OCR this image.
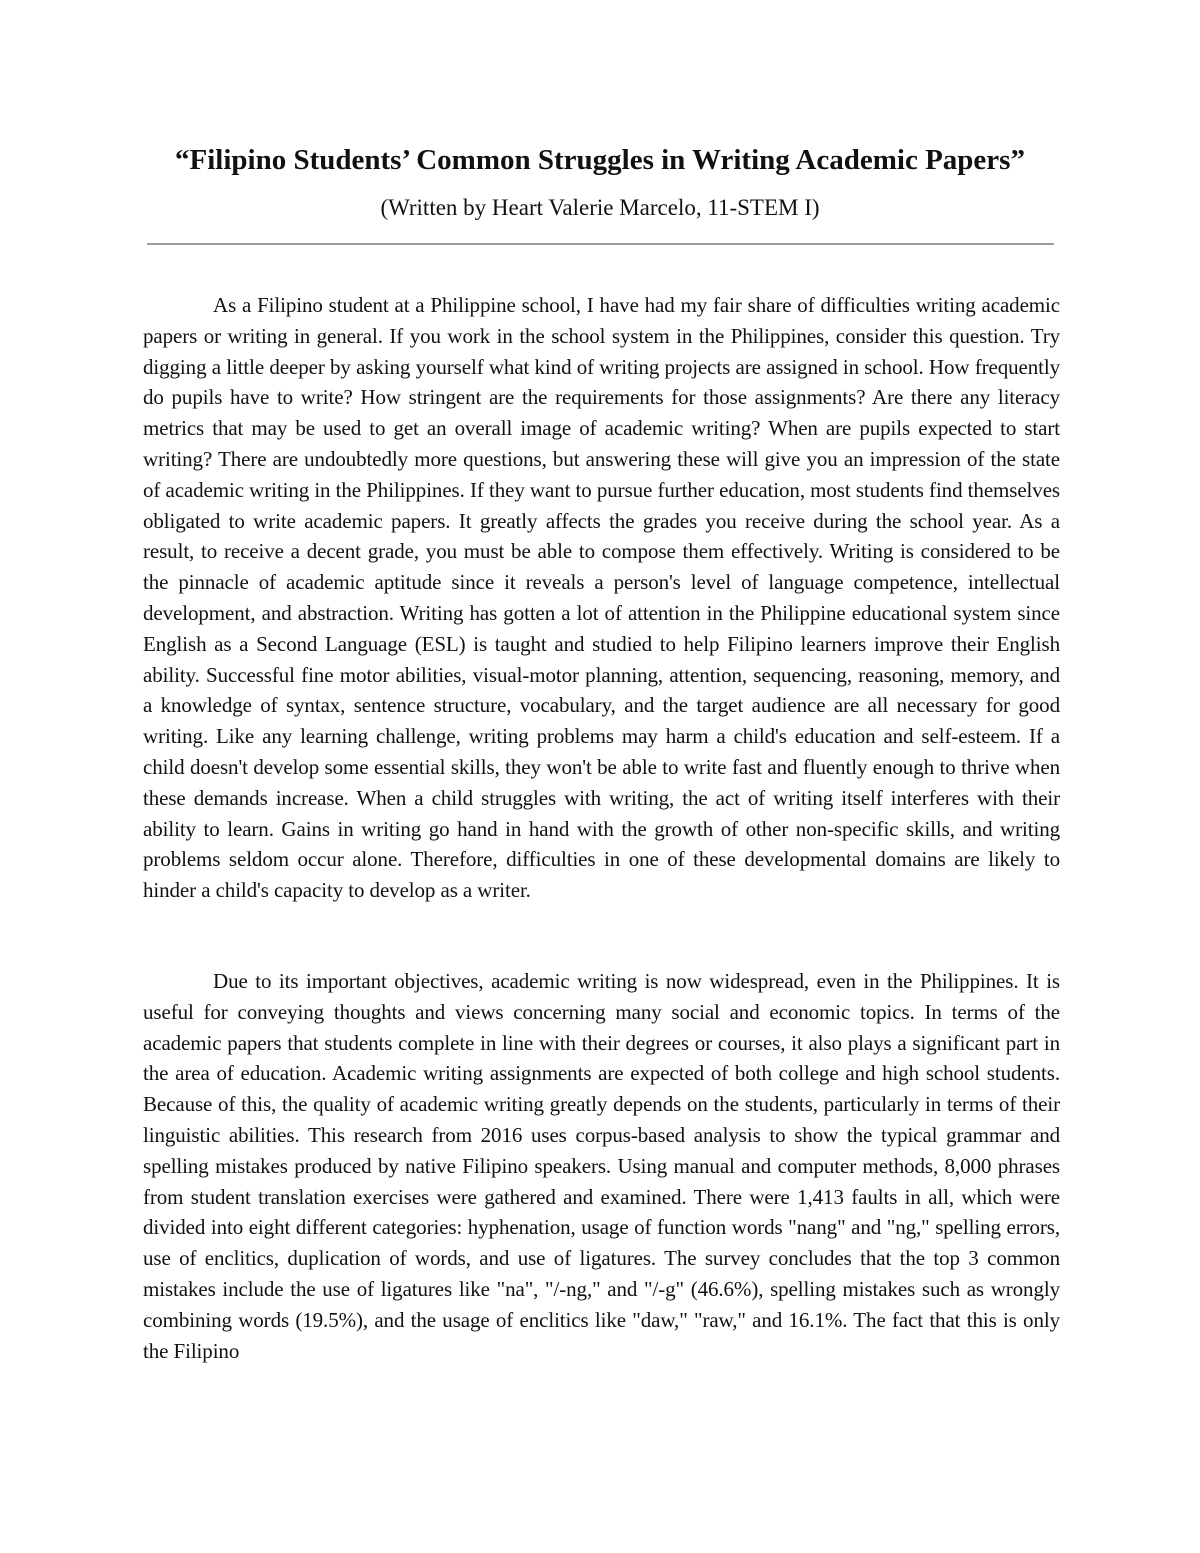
“Filipino Students’ Common Struggles in Writing Academic Papers”

(Written by Heart Valerie Marcelo, 11-STEM I)

As a Filipino student at a Philippine school, I have had my fair share of difficulties writing academic papers or writing in general. If you work in the school system in the Philippines, consider this question. Try digging a little deeper by asking yourself what kind of writing projects are assigned in school. How frequently do pupils have to write? How stringent are the requirements for those assignments? Are there any literacy metrics that may be used to get an overall image of academic writing? When are pupils expected to start writing? There are undoubtedly more questions, but answering these will give you an impression of the state of academic writing in the Philippines. If they want to pursue further education, most students find themselves obligated to write academic papers. It greatly affects the grades you receive during the school year. As a result, to receive a decent grade, you must be able to compose them effectively. Writing is considered to be the pinnacle of academic aptitude since it reveals a person's level of language competence, intellectual development, and abstraction. Writing has gotten a lot of attention in the Philippine educational system since English as a Second Language (ESL) is taught and studied to help Filipino learners improve their English ability. Successful fine motor abilities, visual-motor planning, attention, sequencing, reasoning, memory, and a knowledge of syntax, sentence structure, vocabulary, and the target audience are all necessary for good writing. Like any learning challenge, writing problems may harm a child's education and self-esteem. If a child doesn't develop some essential skills, they won't be able to write fast and fluently enough to thrive when these demands increase. When a child struggles with writing, the act of writing itself interferes with their ability to learn. Gains in writing go hand in hand with the growth of other non-specific skills, and writing problems seldom occur alone. Therefore, difficulties in one of these developmental domains are likely to hinder a child's capacity to develop as a writer.

Due to its important objectives, academic writing is now widespread, even in the Philippines. It is useful for conveying thoughts and views concerning many social and economic topics. In terms of the academic papers that students complete in line with their degrees or courses, it also plays a significant part in the area of education. Academic writing assignments are expected of both college and high school students. Because of this, the quality of academic writing greatly depends on the students, particularly in terms of their linguistic abilities. This research from 2016 uses corpus-based analysis to show the typical grammar and spelling mistakes produced by native Filipino speakers. Using manual and computer methods, 8,000 phrases from student translation exercises were gathered and examined. There were 1,413 faults in all, which were divided into eight different categories: hyphenation, usage of function words "nang" and "ng," spelling errors, use of enclitics, duplication of words, and use of ligatures. The survey concludes that the top 3 common mistakes include the use of ligatures like "na", "/-ng," and "/-g" (46.6%), spelling mistakes such as wrongly combining words (19.5%), and the usage of enclitics like "daw," "raw," and 16.1%. The fact that this is only the Filipino
